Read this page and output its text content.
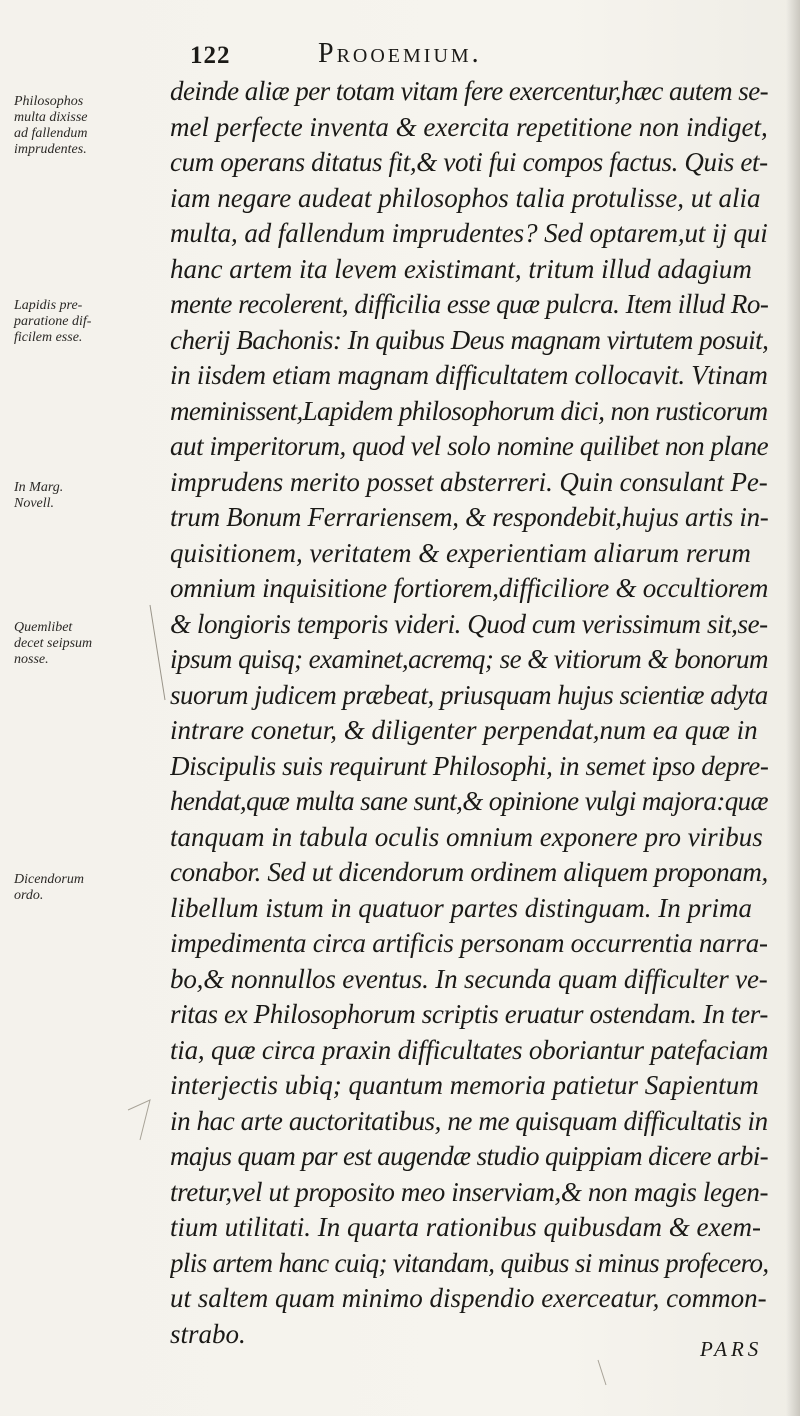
122	Prooemium.
Philosophos
multa dixisse
ad fallendum
imprudentes.
Lapidis pre-
paratione dif-
ficilem esse.
In Marg.
Novell.
Quemlibet
decet seipsum
nosse.
Dicendorum
ordo.
deinde aliæ per totam vitam fere exercentur,hæc autem se-
mel perfecte inventa & exercita repetitione non indiget,
cum operans ditatus fit,& voti fui compos factus. Quis et-
iam negare audeat philosophos talia protulisse, ut alia
multa, ad fallendum imprudentes? Sed optarem,ut ij qui
hanc artem ita levem existimant, tritum illud adagium
mente recolerent, difficilia esse quæ pulcra. Item illud Ro-
cherij Bachonis: In quibus Deus magnam virtutem posuit,
in iisdem etiam magnam difficultatem collocavit. Vtinam
meminissent,Lapidem philosophorum dici, non rusticorum
aut imperitorum, quod vel solo nomine quilibet non plane
imprudens merito posset absterreri. Quin consulant Pe-
trum Bonum Ferrariensem, & respondebit,hujus artis in-
quisitionem, veritatem & experientiam aliarum rerum
omnium inquisitione fortiorem,difficiliore & occultiorem
& longioris temporis videri. Quod cum verissimum sit,se-
ipsum quisq; examinet,acremq; se & vitiorum & bonorum
suorum judicem præbeat, priusquam hujus scientiæ adyta
intrare conetur, & diligenter perpendat,num ea quæ in
Discipulis suis requirunt Philosophi, in semet ipso depre-
hendat,quæ multa sane sunt,& opinione vulgi majora:quæ
tanquam in tabula oculis omnium exponere pro viribus
conabor. Sed ut dicendorum ordinem aliquem proponam,
libellum istum in quatuor partes distinguam. In prima
impedimenta circa artificis personam occurrentia narra-
bo,& nonnullos eventus. In secunda quam difficulter ve-
ritas ex Philosophorum scriptis eruatur ostendam. In ter-
tia, quæ circa praxin difficultates oboriantur patefaciam
interjectis ubiq; quantum memoria patietur Sapientum
in hac arte auctoritatibus, ne me quisquam difficultatis in
majus quam par est augendæ studio quippiam dicere arbi-
tretur,vel ut proposito meo inserviam,& non magis legen-
tium utilitati. In quarta rationibus quibusdam & exem-
plis artem hanc cuiq; vitandam, quibus si minus profecero,
ut saltem quam minimo dispendio exerceatur, common-
strabo.
PARS
